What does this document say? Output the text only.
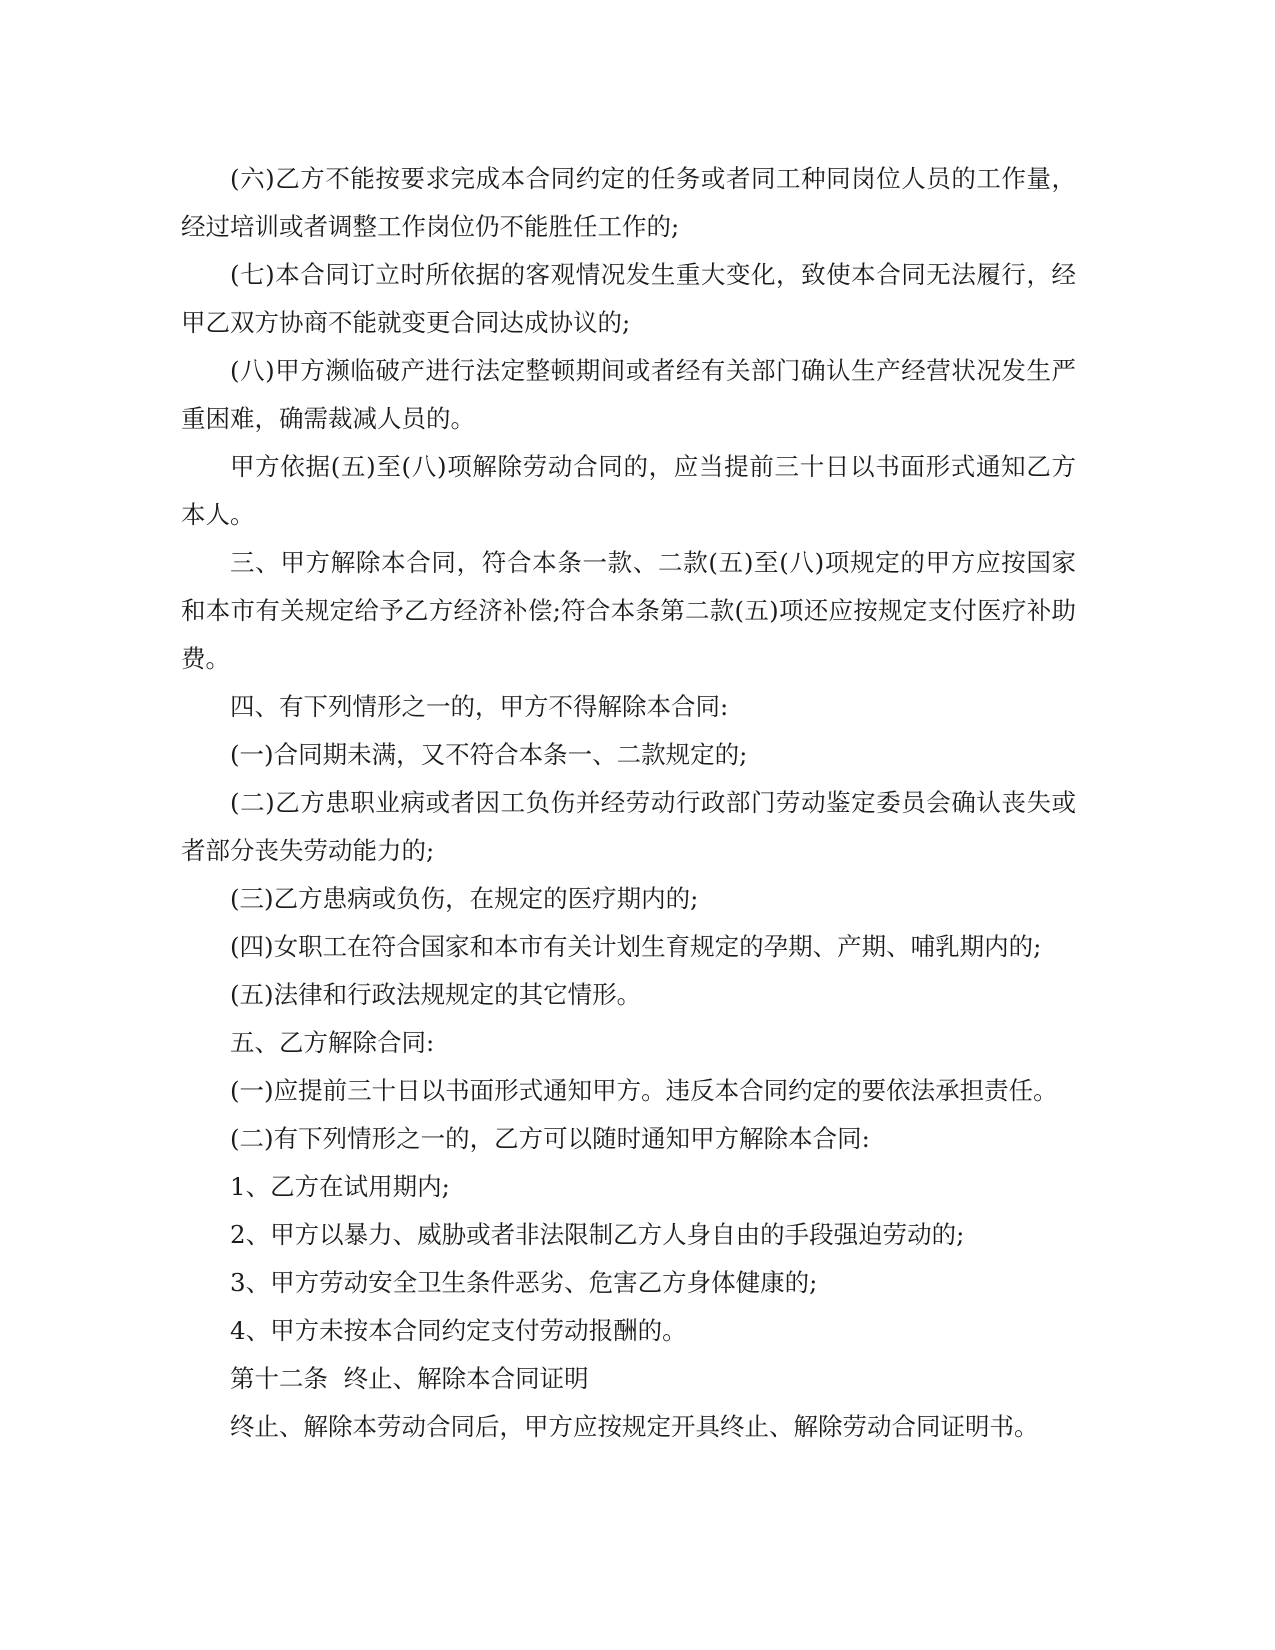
(六)乙方不能按要求完成本合同约定的任务或者同工种同岗位人员的工作量，经过培训或者调整工作岗位仍不能胜任工作的;

(七)本合同订立时所依据的客观情况发生重大变化，致使本合同无法履行，经甲乙双方协商不能就变更合同达成协议的;

(八)甲方濒临破产进行法定整顿期间或者经有关部门确认生产经营状况发生严重困难，确需裁减人员的。

甲方依据(五)至(八)项解除劳动合同的，应当提前三十日以书面形式通知乙方本人。

三、甲方解除本合同，符合本条一款、二款(五)至(八)项规定的甲方应按国家和本市有关规定给予乙方经济补偿;符合本条第二款(五)项还应按规定支付医疗补助费。

四、有下列情形之一的，甲方不得解除本合同:

(一)合同期未满，又不符合本条一、二款规定的;

(二)乙方患职业病或者因工负伤并经劳动行政部门劳动鉴定委员会确认丧失或者部分丧失劳动能力的;

(三)乙方患病或负伤，在规定的医疗期内的;

(四)女职工在符合国家和本市有关计划生育规定的孕期、产期、哺乳期内的;

(五)法律和行政法规规定的其它情形。

五、乙方解除合同:

(一)应提前三十日以书面形式通知甲方。违反本合同约定的要依法承担责任。

(二)有下列情形之一的，乙方可以随时通知甲方解除本合同:

1、乙方在试用期内;

2、甲方以暴力、威胁或者非法限制乙方人身自由的手段强迫劳动的;

3、甲方劳动安全卫生条件恶劣、危害乙方身体健康的;

4、甲方未按本合同约定支付劳动报酬的。

第十二条  终止、解除本合同证明

终止、解除本劳动合同后，甲方应按规定开具终止、解除劳动合同证明书。
